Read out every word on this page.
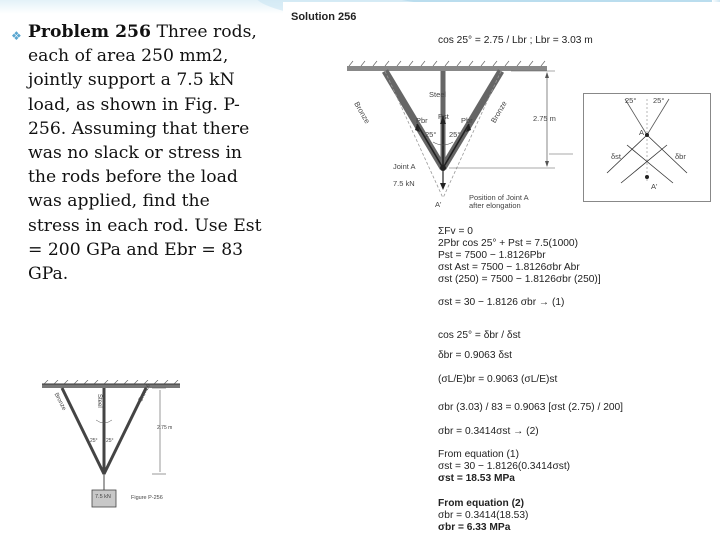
❖ Problem 256 Three rods, each of area 250 mm2, jointly support a 7.5 kN load, as shown in Fig. P-256. Assuming that there was no slack or stress in the rods before the load was applied, find the stress in each rod. Use Est = 200 GPa and Ebr = 83 GPa.
Bronze	Steel	Bronze
2.75 m
25° 25°
7.5 kN	Figure P-256
Solution 256
cos 25° = 2.75 / Lbr ; Lbr = 3.03 m
Bronze
Steel
Bronze
Pbr Pst Pbr
25° 25°
2.75 m
Joint A
7.5 kN
Position of Joint A
after elongation
A'
25° 25°
A
A'
δst	δbr
ΣFv = 0
2Pbr cos 25° + Pst = 7.5(1000)
Pst = 7500 − 1.8126Pbr
σst Ast = 7500 − 1.8126σbr Abr
σst (250) = 7500 − 1.8126σbr (250)]
σst = 30 − 1.8126 σbr → (1)
cos 25° = δbr / δst
δbr = 0.9063 δst
(σL/E)br = 0.9063 (σL/E)st
σbr (3.03) / 83 = 0.9063 [σst (2.75) / 200]
σbr = 0.3414σst → (2)
From equation (1)
σst = 30 − 1.8126(0.3414σst)
σst = 18.53 MPa
From equation (2)
σbr = 0.3414(18.53)
σbr = 6.33 MPa
